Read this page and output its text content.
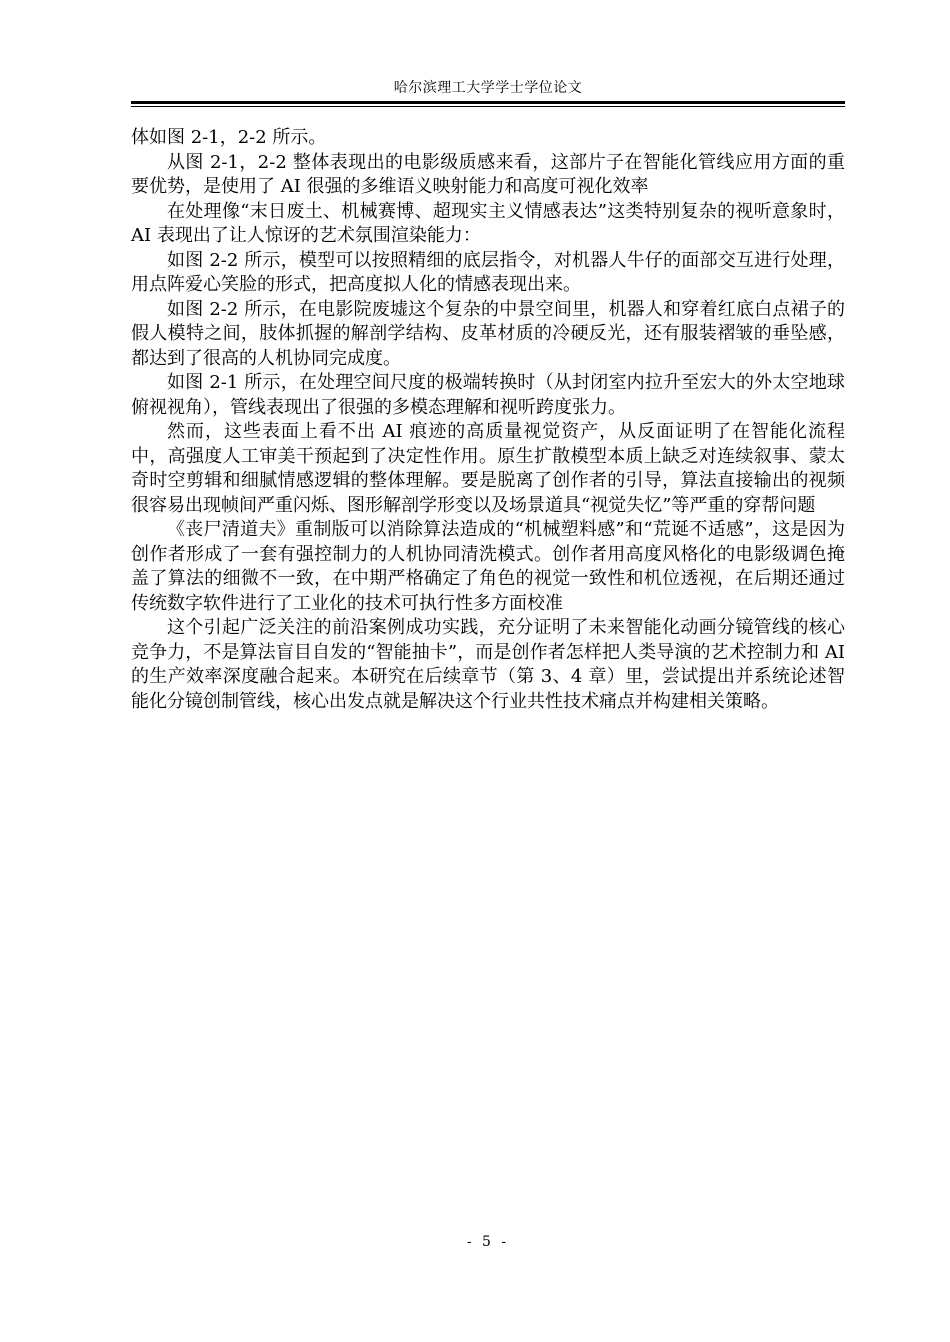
哈尔滨理工大学学士学位论文

体如图 2-1，2-2 所示。

从图 2-1，2-2 整体表现出的电影级质感来看，这部片子在智能化管线应用方面的重要优势，是使用了 AI 很强的多维语义映射能力和高度可视化效率

在处理像“末日废土、机械赛博、超现实主义情感表达”这类特别复杂的视听意象时，AI 表现出了让人惊讶的艺术氛围渲染能力：

如图 2-2 所示，模型可以按照精细的底层指令，对机器人牛仔的面部交互进行处理，用点阵爱心笑脸的形式，把高度拟人化的情感表现出来。

如图 2-2 所示，在电影院废墟这个复杂的中景空间里，机器人和穿着红底白点裙子的假人模特之间，肢体抓握的解剖学结构、皮革材质的冷硬反光，还有服装褶皱的垂坠感，都达到了很高的人机协同完成度。

如图 2-1 所示，在处理空间尺度的极端转换时（从封闭室内拉升至宏大的外太空地球俯视视角），管线表现出了很强的多模态理解和视听跨度张力。

然而，这些表面上看不出 AI 痕迹的高质量视觉资产，从反面证明了在智能化流程中，高强度人工审美干预起到了决定性作用。原生扩散模型本质上缺乏对连续叙事、蒙太奇时空剪辑和细腻情感逻辑的整体理解。要是脱离了创作者的引导，算法直接输出的视频很容易出现帧间严重闪烁、图形解剖学形变以及场景道具“视觉失忆”等严重的穿帮问题

《丧尸清道夫》重制版可以消除算法造成的“机械塑料感”和“荒诞不适感”，这是因为创作者形成了一套有强控制力的人机协同清洗模式。创作者用高度风格化的电影级调色掩盖了算法的细微不一致，在中期严格确定了角色的视觉一致性和机位透视，在后期还通过传统数字软件进行了工业化的技术可执行性多方面校准

这个引起广泛关注的前沿案例成功实践，充分证明了未来智能化动画分镜管线的核心竞争力，不是算法盲目自发的“智能抽卡”，而是创作者怎样把人类导演的艺术控制力和 AI 的生产效率深度融合起来。本研究在后续章节（第 3、4 章）里，尝试提出并系统论述智能化分镜创制管线，核心出发点就是解决这个行业共性技术痛点并构建相关策略。

- 5 -
